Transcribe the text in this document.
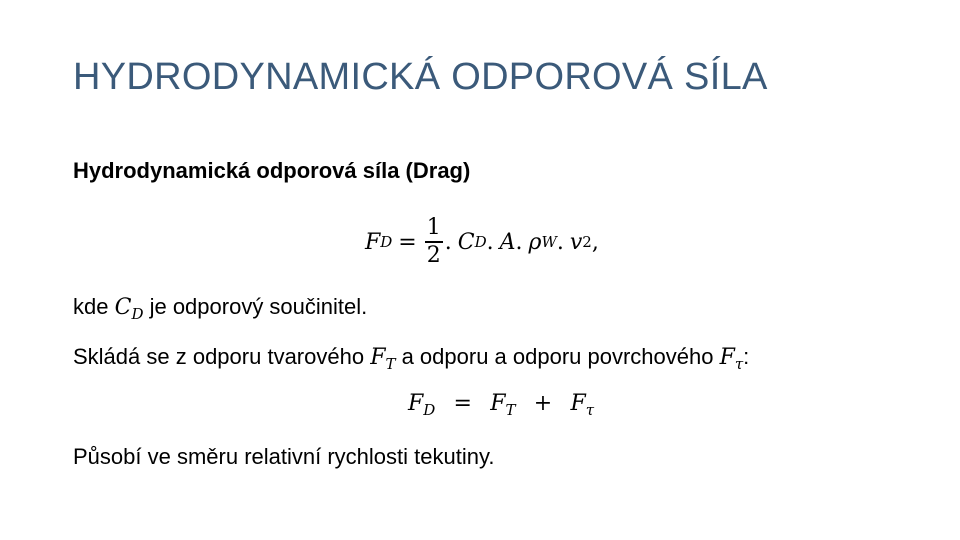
HYDRODYNAMICKÁ ODPOROVÁ SÍLA

Hydrodynamická odporová síla (Drag)

F $D = \frac{1}{2}$ . C D . A . ρ W . v 2 ,

kde $C_D$ je odporový součinitel.

Skládá se z odporu tvarového $F_T$ a odporu a odporu povrchového $F_\tau$:

$F_D = F_T + F_\tau$

Působí ve směru relativní rychlosti tekutiny.
